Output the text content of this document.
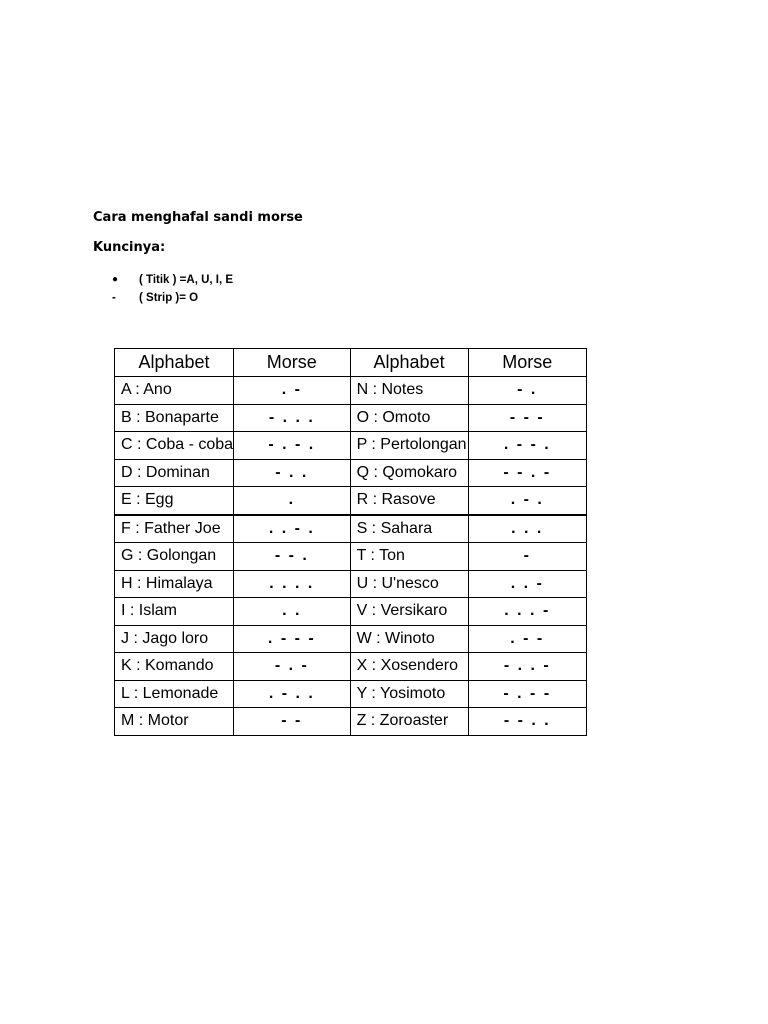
Cara menghafal sandi morse
Kuncinya:
●	( Titik ) =A, U, I, E
-	( Strip )= O
Alphabet	Morse	Alphabet	Morse
A : Ano	. -	N : Notes	- .
B : Bonaparte	- . . .	O : Omoto	- - -
C : Coba - coba	- . - .	P : Pertolongan	. - - .
D : Dominan	- . .	Q : Qomokaro	- - . -
E : Egg	.	R : Rasove	. - .
F : Father Joe	. . - .	S : Sahara	. . .
G : Golongan	- - .	T : Ton	-
H : Himalaya	. . . .	U : U'nesco	. . -
I : Islam	. .	V : Versikaro	. . . -
J : Jago loro	. - - -	W : Winoto	. - -
K : Komando	- . -	X : Xosendero	- . . -
L : Lemonade	. - . .	Y : Yosimoto	- . - -
M : Motor	- -	Z : Zoroaster	- - . .
